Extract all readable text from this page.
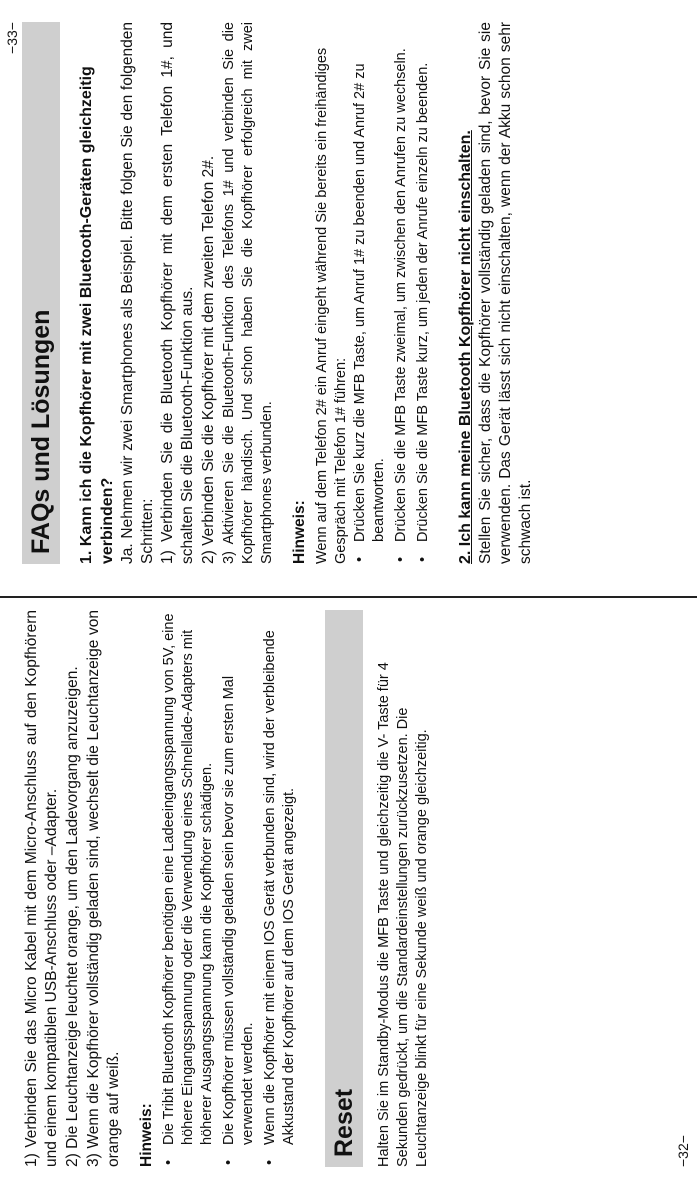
−33−
FAQs und Lösungen 1. Kann ich die Kopfhörer mit zwei Bluetooth-Geräten gleichzeitig verbinden? Ja. Nehmen wir zwei Smartphones als Beispiel. Bitte folgen Sie den folgenden Schritten: 1) Verbinden Sie die Bluetooth Kopfhörer mit dem ersten Telefon 1#, und schalten Sie die Bluetooth-Funktion aus. 2) Verbinden Sie die Kopfhörer mit dem zweiten Telefon 2#. 3) Aktivieren Sie die Bluetooth-Funktion des Telefons 1# und verbinden Sie die Kopfhörer händisch. Und schon haben Sie die Kopfhörer erfolgreich mit zwei Smartphones verbunden. Hinweis: Wenn auf dem Telefon 2# ein Anruf eingeht während Sie bereits ein freihändiges Gespräch mit Telefon 1# führen: • Drücken Sie kurz die MFB Taste, um Anruf 1# zu beenden und Anruf 2# zu beantworten. • Drücken Sie die MFB Taste zweimal, um zwischen den Anrufen zu wechseln. • Drücken Sie die MFB Taste kurz, um jeden der Anrufe einzeln zu beenden. 2. Ich kann meine Bluetooth Kopfhörer nicht einschalten. Stellen Sie sicher, dass die Kopfhörer vollständig geladen sind, bevor Sie sie verwenden. Das Gerät lässt sich nicht einschalten, wenn der Akku schon sehr schwach ist.

1) Verbinden Sie das Micro Kabel mit dem Micro-Anschluss auf den Kopfhörern und einem kompatiblen USB-Anschluss oder –Adapter. 2) Die Leuchtanzeige leuchtet orange, um den Ladevorgang anzuzeigen. 3) Wenn die Kopfhörer vollständig geladen sind, wechselt die Leuchtanzeige von orange auf weiß. Hinweis: • Die Tribit Bluetooth Kopfhörer benötigen eine Ladeeingangsspannung von 5V, eine höhere Eingangsspannung oder die Verwendung eines Schnellade-Adapters mit höherer Ausgangsspannung kann die Kopfhörer schädigen. • Die Kopfhörer müssen vollständig geladen sein bevor sie zum ersten Mal verwendet werden. • Wenn die Kopfhörer mit einem IOS Gerät verbunden sind, wird der verbleibende Akkustand der Kopfhörer auf dem IOS Gerät angezeigt. Reset Halten Sie im Standby-Modus die MFB Taste und gleichzeitig die V- Taste für 4 Sekunden gedrückt, um die Standardeinstellungen zurückzusetzen. Die Leuchtanzeige blinkt für eine Sekunde weiß und orange gleichzeitig.	−32−
